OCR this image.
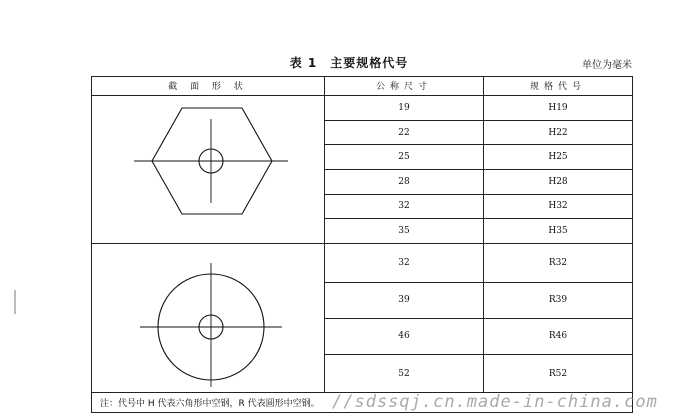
表 1　主要规格代号	单位为毫米
截 面 形 状	公称尺寸	规格代号

	19	H19
	22	H22
	25	H25
	28	H28
	32	H32
	35	H35

	32	R32
	39	R39
	46	R46
	52	R52
注：代号中 H 代表六角形中空钢，R 代表圆形中空钢。		//sdssqj.cn.made-in-china.com
